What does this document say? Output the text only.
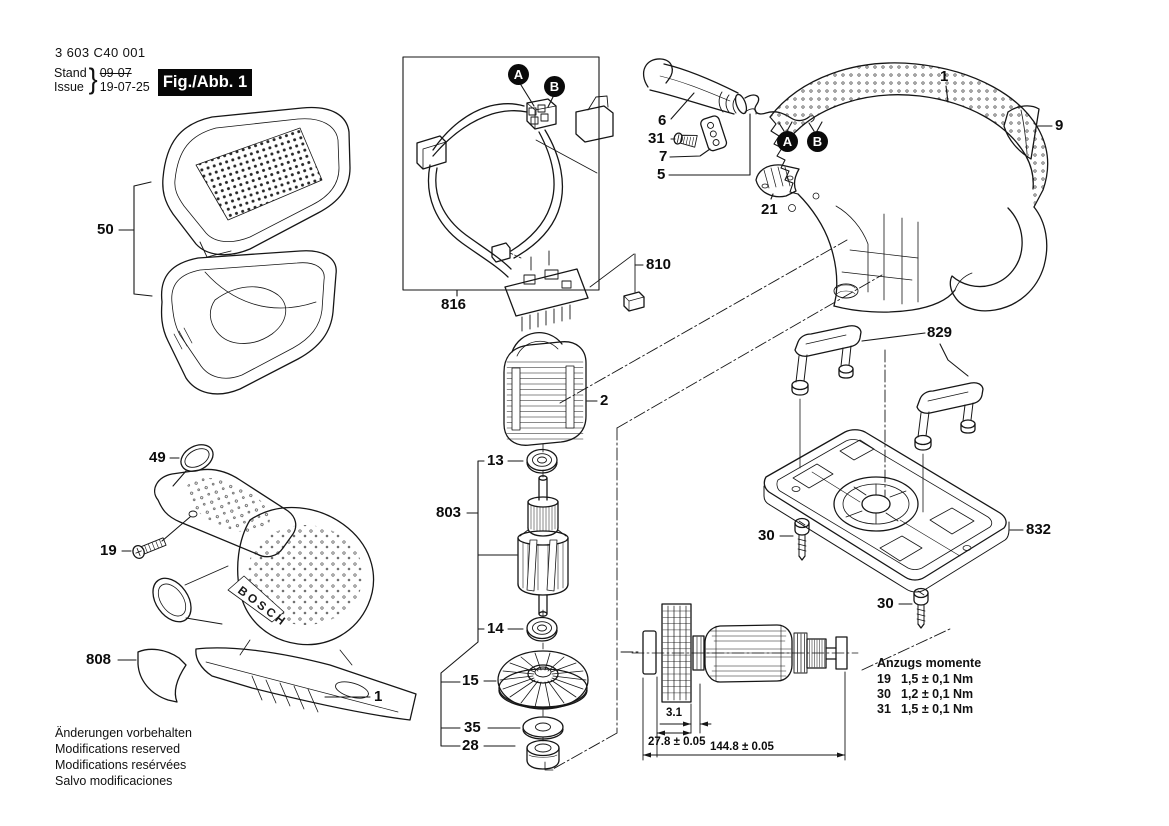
BOSCH
3 603 C40 001
Stand
Issue } 09-07
19-07-25 Fig./Abb. 1
50
49
19
808
1
816
810
2
13
803
14
15
35
28
6
31
7
5
21
1
9
829
30	832
30
A
B
A	B
3.1
27.8 ± 0.05 144.8 ± 0.05
Anzugs momente
19 1,5 ± 0,1 Nm
30 1,2 ± 0,1 Nm
31 1,5 ± 0,1 Nm
Änderungen vorbehalten
Modifications reserved
Modifications resérvées
Salvo modificaciones
